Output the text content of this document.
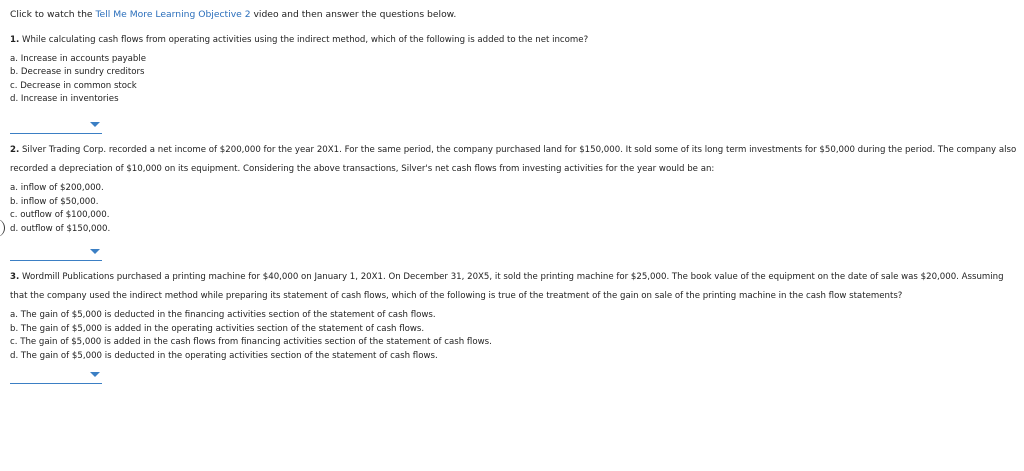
Click to watch the Tell Me More Learning Objective 2 video and then answer the questions below.
1. While calculating cash flows from operating activities using the indirect method, which of the following is added to the net income?
a. Increase in accounts payable
b. Decrease in sundry creditors
c. Decrease in common stock
d. Increase in inventories
2. Silver Trading Corp. recorded a net income of $200,000 for the year 20X1. For the same period, the company purchased land for $150,000. It sold some of its long term investments for $50,000 during the period. The company also recorded a depreciation of $10,000 on its equipment. Considering the above transactions, Silver's net cash flows from investing activities for the year would be an:
a. inflow of $200,000.
b. inflow of $50,000.
c. outflow of $100,000.
d. outflow of $150,000.
3. Wordmill Publications purchased a printing machine for $40,000 on January 1, 20X1. On December 31, 20X5, it sold the printing machine for $25,000. The book value of the equipment on the date of sale was $20,000. Assuming that the company used the indirect method while preparing its statement of cash flows, which of the following is true of the treatment of the gain on sale of the printing machine in the cash flow statements?
a. The gain of $5,000 is deducted in the financing activities section of the statement of cash flows.
b. The gain of $5,000 is added in the operating activities section of the statement of cash flows.
c. The gain of $5,000 is added in the cash flows from financing activities section of the statement of cash flows.
d. The gain of $5,000 is deducted in the operating activities section of the statement of cash flows.
